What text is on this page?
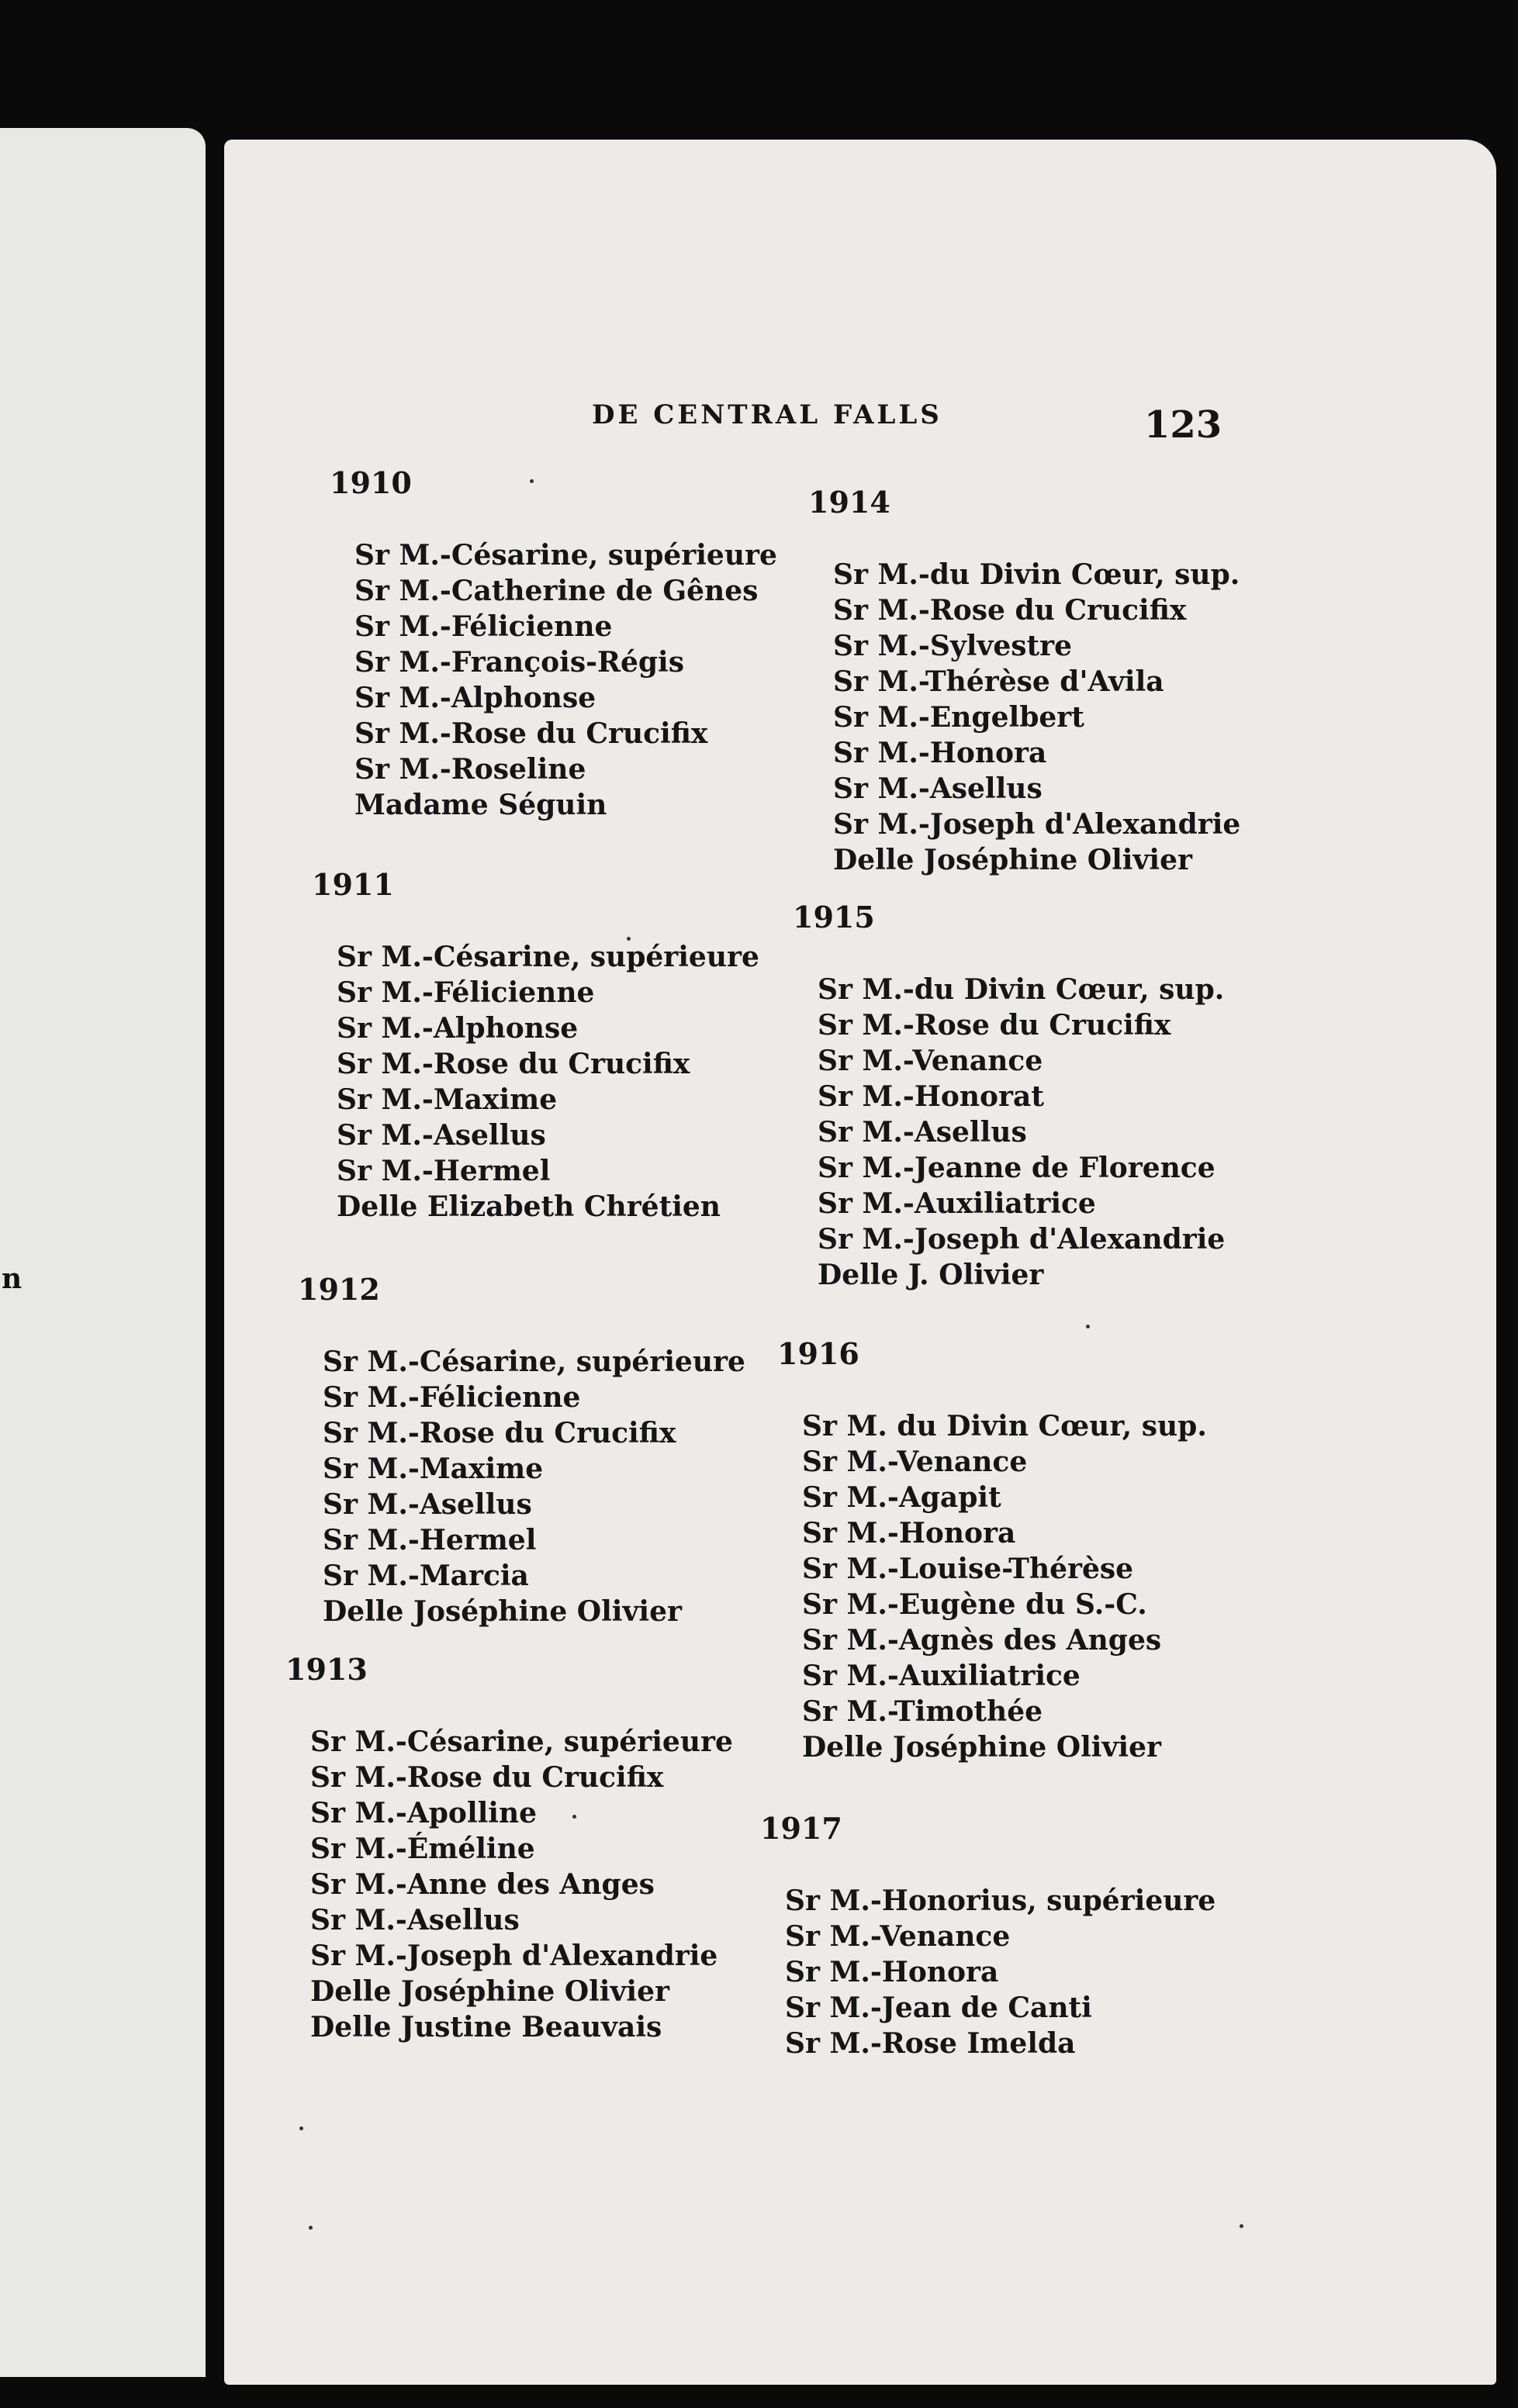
n

DE CENTRAL FALLS	123

1910
Sr M.-Césarine, supérieure
Sr M.-Catherine de Gênes
Sr M.-Félicienne
Sr M.-François-Régis
Sr M.-Alphonse
Sr M.-Rose du Crucifix
Sr M.-Roseline
Madame Séguin
1911
Sr M.-Césarine, supérieure
Sr M.-Félicienne
Sr M.-Alphonse
Sr M.-Rose du Crucifix
Sr M.-Maxime
Sr M.-Asellus
Sr M.-Hermel
Delle Elizabeth Chrétien
1912
Sr M.-Césarine, supérieure
Sr M.-Félicienne
Sr M.-Rose du Crucifix
Sr M.-Maxime
Sr M.-Asellus
Sr M.-Hermel
Sr M.-Marcia
Delle Joséphine Olivier
1913
Sr M.-Césarine, supérieure
Sr M.-Rose du Crucifix
Sr M.-Apolline
Sr M.-Éméline
Sr M.-Anne des Anges
Sr M.-Asellus
Sr M.-Joseph d'Alexandrie
Delle Joséphine Olivier
Delle Justine Beauvais
1914
Sr M.-du Divin Cœur, sup.
Sr M.-Rose du Crucifix
Sr M.-Sylvestre
Sr M.-Thérèse d'Avila
Sr M.-Engelbert
Sr M.-Honora
Sr M.-Asellus
Sr M.-Joseph d'Alexandrie
Delle Joséphine Olivier
1915
Sr M.-du Divin Cœur, sup.
Sr M.-Rose du Crucifix
Sr M.-Venance
Sr M.-Honorat
Sr M.-Asellus
Sr M.-Jeanne de Florence
Sr M.-Auxiliatrice
Sr M.-Joseph d'Alexandrie
Delle J. Olivier
1916
Sr M. du Divin Cœur, sup.
Sr M.-Venance
Sr M.-Agapit
Sr M.-Honora
Sr M.-Louise-Thérèse
Sr M.-Eugène du S.-C.
Sr M.-Agnès des Anges
Sr M.-Auxiliatrice
Sr M.-Timothée
Delle Joséphine Olivier
1917
Sr M.-Honorius, supérieure
Sr M.-Venance
Sr M.-Honora
Sr M.-Jean de Canti
Sr M.-Rose Imelda
